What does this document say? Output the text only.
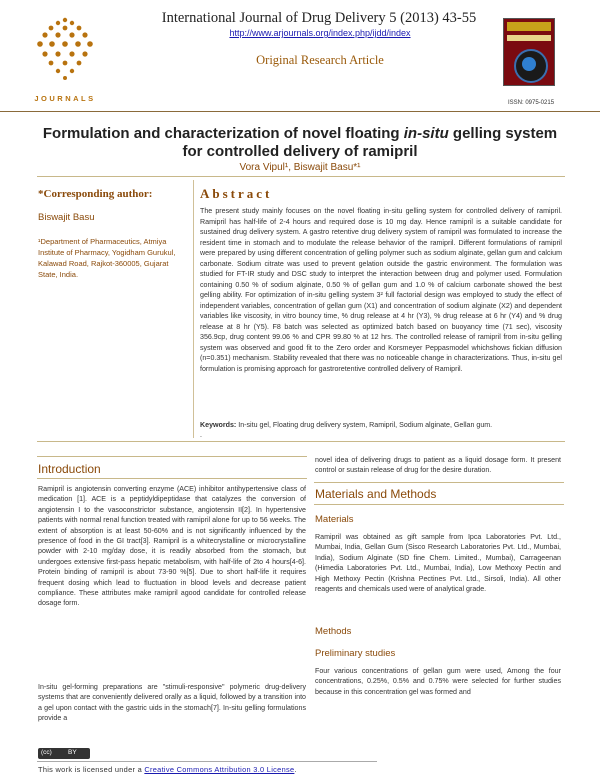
JOURNALS
International Journal of Drug Delivery 5 (2013) 43-55
http://www.arjournals.org/index.php/ijdd/index
Original Research Article
ISSN: 0975-0215
Formulation and characterization of novel floating in-situ gelling system for controlled delivery of ramipril
Vora Vipul¹, Biswajit Basu*¹
*Corresponding author:
Biswajit Basu
¹Department of Pharmaceutics, Atmiya Institute of Pharmacy, Yogidham Gurukul, Kalawad Road, Rajkot-360005, Gujarat State, India.
Abstract
The present study mainly focuses on the novel floating in-situ gelling system for controlled delivery of ramipril. Ramipril has half-life of 2-4 hours and required dose is 10 mg day. Hence ramipril is a suitable candidate for sustained drug delivery system. A gastro retentive drug delivery system of ramipril was formulated to increase the resident time in stomach and to modulate the release behavior of the ramipril. Different formulations of ramipril were prepared by using different concentration of gelling polymer such as sodium alginate, gellan gum and calcium carbonate. Sodium citrate was used to prevent gelation outside the gastric environment. The formulation was studied for FT-IR study and DSC study to interpret the interaction between drug and polymer used. Formulation containing 0.50 % of sodium alginate, 0.50 % of gellan gum and 1.0 % of calcium carbonate showed the best gelling ability. For optimization of in-situ gelling system 3² full factorial design was employed to study the effect of independent variables, concentration of gellan gum (X1) and concentration of sodium alginate (X2) and dependent variables like viscosity, in vitro bouncy time, % drug release at 4 hr (Y3), % drug release at 6 hr (Y4) and % drug release at 8 hr (Y5). F8 batch was selected as optimized batch based on buoyancy time (71 sec), viscosity 356.9cp, drug content 99.06 % and CPR 99.80 % at 12 hrs. The controlled release of ramipril from in-situ gelling system was observed and good fit to the Zero order and Korsmeyer Peppasmodel whichshows fickian diffusion (n=0.351) mechanism. Stability revealed that there was no noticeable change in characterizations. Thus, in-situ gel formulation is promising approach for gastroretentive controlled delivery of Ramipril.
Keywords: In-situ gel, Floating drug delivery system, Ramipril, Sodium alginate, Gellan gum.
.
Introduction
Ramipril is angiotensin converting enzyme (ACE) inhibitor antihypertensive class of medication [1]. ACE is a peptidyldipeptidase that catalyzes the conversion of angiotensin I to the vasoconstrictor substance, angiotensin II[2]. In hypertensive patients with normal renal function treated with ramipril alone for up to 56 weeks. The extent of absorption is at least 50-60% and is not significantly influenced by the presence of food in the GI tract[3]. Ramipril is a whitecrystalline or microcrystalline powder with 2-10 mg/day dose, it is readily absorbed from the stomach, but undergoes extensive first-pass hepatic metabolism, with half-life of 2to 4 hours[4-6]. Protein binding of ramipril is about 73-90 %[5]. Due to short half-life it requires frequent dosing which lead to fluctuation in blood levels and decrease patient compliance. These attributes make ramipril agood candidate for controlled release dosage form.
In-situ gel-forming preparations are "stimuli-responsive" polymeric drug-delivery systems that are conveniently delivered orally as a liquid, followed by a transition into a gel upon contact with the gastric uids in the stomach[7]. In-situ gelling formulations provide a
novel idea of delivering drugs to patient as a liquid dosage form. It present control or sustain release of drug for the desire duration.
Materials and Methods
Materials
Ramipril was obtained as gift sample from Ipca Laboratories Pvt. Ltd., Mumbai, India, Gellan Gum (Sisco Research Laboratories Pvt. Ltd., Mumbai, India), Sodium Alginate (SD fine Chem. Limited., Mumbai), Carrageenan (Himedia Laboratories Pvt. Ltd., Mumbai, India), Low Methoxy Pectin and High Methoxy Pectin (Krishna Pectines Pvt. Ltd., Sirsoli, India). All other reagents and chemicals used were of analytical grade.
Methods
Preliminary studies
Four various concentrations of gellan gum were used, Among the four concentrations, 0.25%, 0.5% and 0.75% were selected for further studies because in this concentration gel was formed and
(cc) BY
This work is licensed under a Creative Commons Attribution 3.0 License.
